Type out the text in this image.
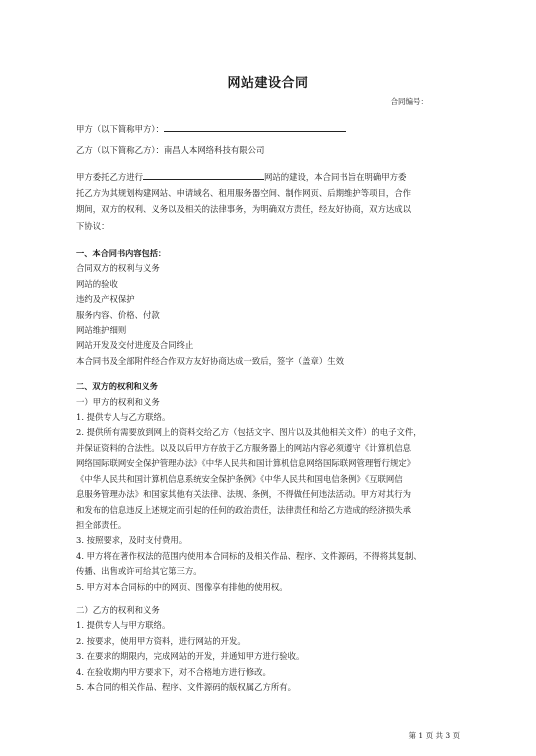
网站建设合同
合同编号：
甲方（以下简称甲方）：
乙方（以下简称乙方）：南昌人本网络科技有限公司
甲方委托乙方进行	网站的建设，本合同书旨在明确甲方委
托乙方为其规划构建网站、申请域名、租用服务器空间、制作网页、后期维护等项目，合作
期间，双方的权利、义务以及相关的法律事务，为明确双方责任，经友好协商，双方达成以
下协议：
一、本合同书内容包括：
合同双方的权利与义务
网站的验收
违约及产权保护
服务内容、价格、付款
网站维护细则
网站开发及交付进度及合同终止
本合同书及全部附件经合作双方友好协商达成一致后，签字（盖章）生效
二、双方的权利和义务
一）甲方的权利和义务
1. 提供专人与乙方联络。
2. 提供所有需要放到网上的资料交给乙方（包括文字、图片以及其他相关文件）的电子文件，
并保证资料的合法性。以及以后甲方存放于乙方服务器上的网站内容必须遵守《计算机信息
网络国际联网安全保护管理办法》《中华人民共和国计算机信息网络国际联网管理暂行规定》
《中华人民共和国计算机信息系统安全保护条例》《中华人民共和国电信条例》《互联网信
息服务管理办法》和国家其他有关法律、法规、条例，不得做任何违法活动。甲方对其行为
和发布的信息违反上述规定而引起的任何的政治责任，法律责任和给乙方造成的经济损失承
担全部责任。
3. 按照要求，及时支付费用。
4. 甲方将在著作权法的范围内使用本合同标的及相关作品、程序、文件源码，不得将其复制、
传播、出售或许可给其它第三方。
5. 甲方对本合同标的中的网页、图像享有排他的使用权。
二）乙方的权利和义务
1. 提供专人与甲方联络。
2. 按要求，使用甲方资料，进行网站的开发。
3. 在要求的期限内，完成网站的开发，并通知甲方进行验收。
4. 在验收期内甲方要求下，对不合格地方进行修改。
5. 本合同的相关作品、程序、文件源码的版权属乙方所有。
第 1 页 共 3 页
